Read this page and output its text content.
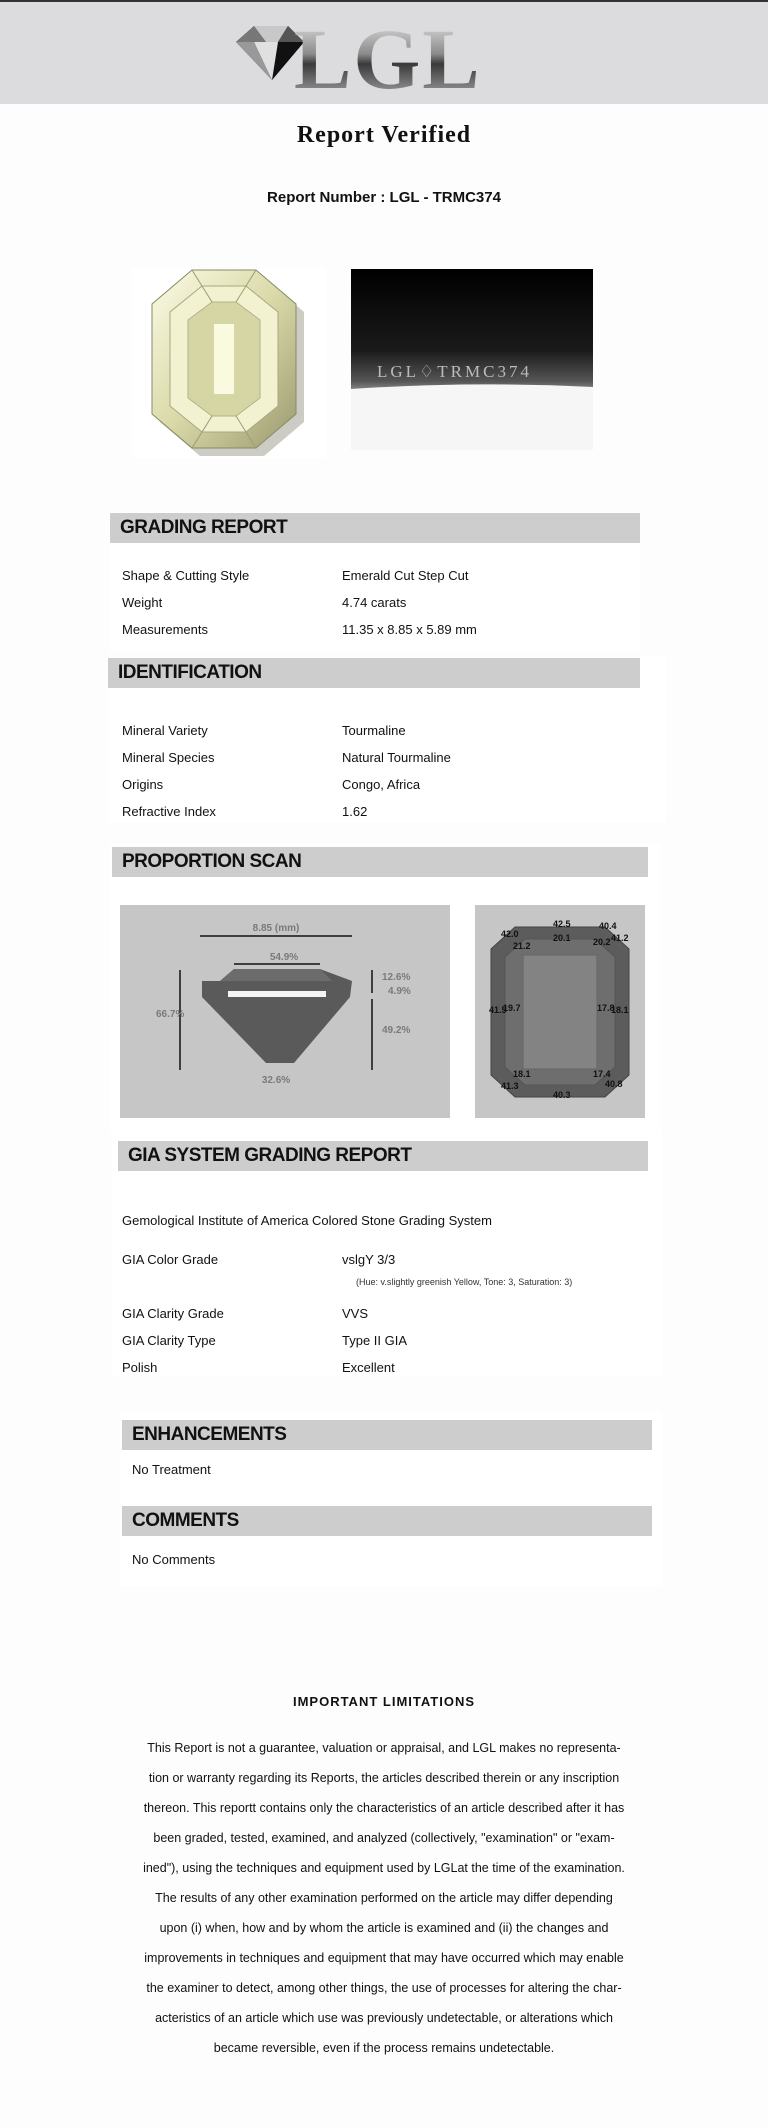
LGL
Report Verified
Report Number : LGL - TRMC374
LGL♢TRMC374
GRADING REPORT
Shape & Cutting Style	Emerald Cut Step Cut
Weight	4.74 carats
Measurements	11.35 x 8.85 x 5.89 mm
IDENTIFICATION
Mineral Variety	Tourmaline
Mineral Species	Natural Tourmaline
Origins	Congo, Africa
Refractive Index	1.62
PROPORTION SCAN
8.85 (mm)
54.9%
66.7%
12.6%
4.9%
49.2%
32.6%
42.0
42.5	40.4
21.2
20.1 20.2 41.2
41.5
19.7	17.8
18.1
18.1	17.4
41.3
40.3
40.8
GIA SYSTEM GRADING REPORT
Gemological Institute of America Colored Stone Grading System
GIA Color Grade	vslgY 3/3
(Hue: v.slightly greenish Yellow, Tone: 3, Saturation: 3)
GIA Clarity Grade	VVS
GIA Clarity Type	Type II GIA
Polish	Excellent
ENHANCEMENTS
No Treatment
COMMENTS
No Comments
IMPORTANT LIMITATIONS
This Report is not a guarantee, valuation or appraisal, and LGL makes no representa-
tion or warranty regarding its Reports, the articles described therein or any inscription
thereon. This reportt contains only the characteristics of an article described after it has
been graded, tested, examined, and analyzed (collectively, "examination" or "exam-
ined"), using the techniques and equipment used by LGLat the time of the examination.
The results of any other examination performed on the article may differ depending
upon (i) when, how and by whom the article is examined and (ii) the changes and
improvements in techniques and equipment that may have occurred which may enable
the examiner to detect, among other things, the use of processes for altering the char-
acteristics of an article which use was previously undetectable, or alterations which
became reversible, even if the process remains undetectable.
